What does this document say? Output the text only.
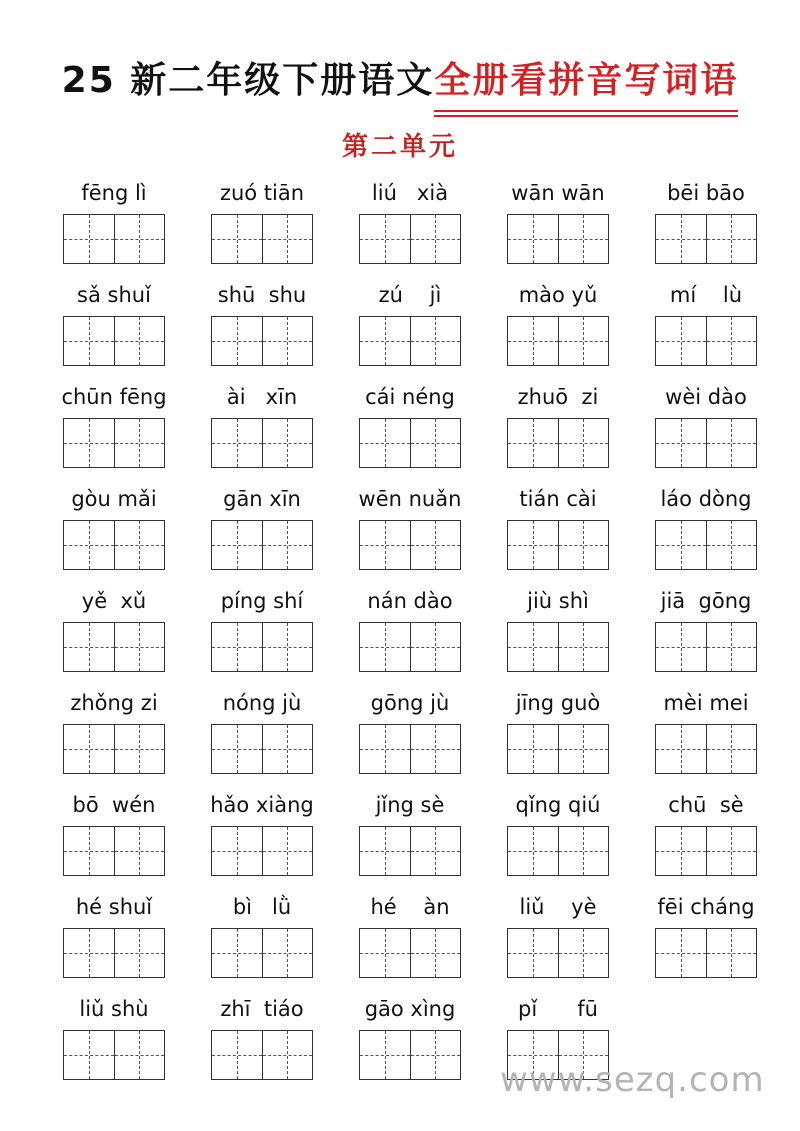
25 新二年级下册语文全册看拼音写词语
第二单元
fēng lì	zuó tiān	liú   xià	wān wān	bēi bāo
sǎ shuǐ	shū  shu	zú    jì	mào yǔ	mí    lù
chūn fēng	ài   xīn	cái néng	zhuō  zi	wèi dào
gòu mǎi	gān xīn	wēn nuǎn	tián cài	láo dòng
yě  xǔ	píng shí	nán dào	jiù shì	jiā  gōng
zhǒng zi	nóng jù	gōng jù	jīng guò	mèi mei
bō  wén	hǎo xiàng	jǐng sè	qǐng qiú	chū  sè
hé shuǐ	bì   lǜ	hé    àn	liǔ    yè	fēi cháng
liǔ shù	zhī  tiáo	gāo xìng	pǐ      fū
www.sezq.com
